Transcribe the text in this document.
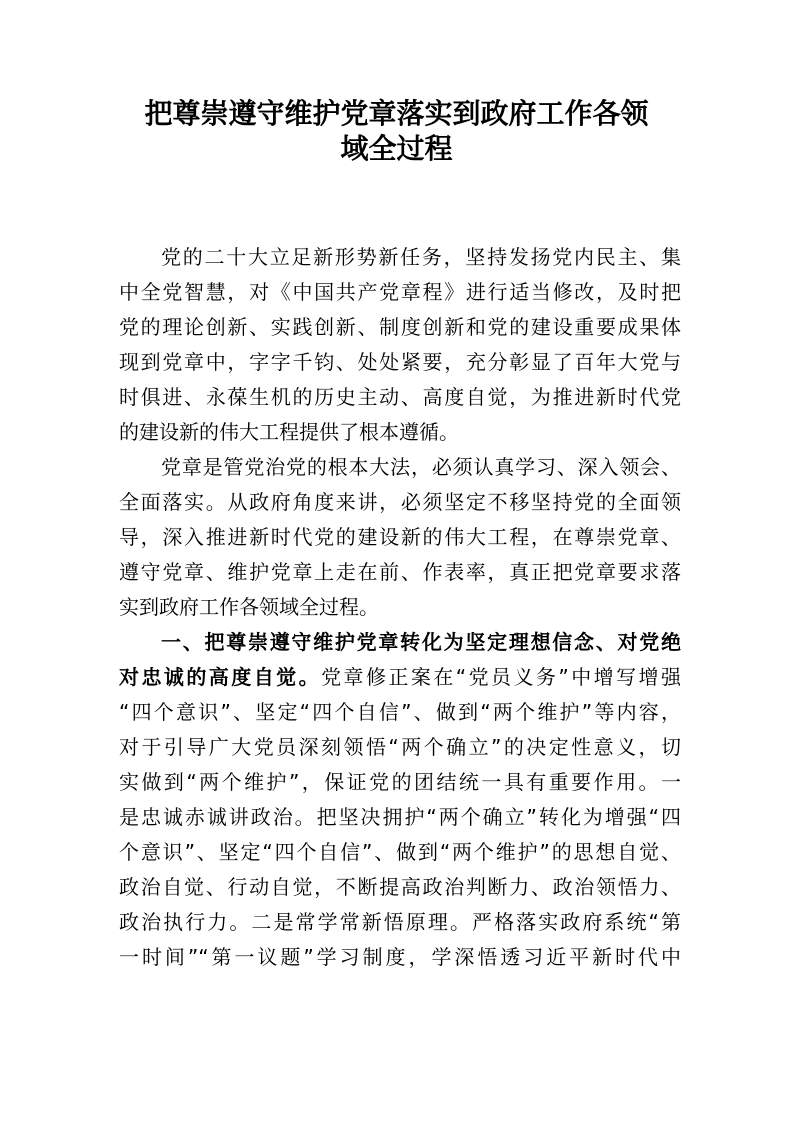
把尊崇遵守维护党章落实到政府工作各领
域全过程
党的二十大立足新形势新任务，坚持发扬党内民主、集
中全党智慧，对《中国共产党章程》进行适当修改，及时把
党的理论创新、实践创新、制度创新和党的建设重要成果体
现到党章中，字字千钧、处处紧要，充分彰显了百年大党与
时俱进、永葆生机的历史主动、高度自觉，为推进新时代党
的建设新的伟大工程提供了根本遵循。
党章是管党治党的根本大法，必须认真学习、深入领会、
全面落实。从政府角度来讲，必须坚定不移坚持党的全面领
导，深入推进新时代党的建设新的伟大工程，在尊崇党章、
遵守党章、维护党章上走在前、作表率，真正把党章要求落
实到政府工作各领域全过程。
一、把尊崇遵守维护党章转化为坚定理想信念、对党绝
对忠诚的高度自觉。党章修正案在“党员义务”中增写增强
“四个意识”、坚定“四个自信”、做到“两个维护”等内容，
对于引导广大党员深刻领悟“两个确立”的决定性意义，切
实做到“两个维护”，保证党的团结统一具有重要作用。一
是忠诚赤诚讲政治。把坚决拥护“两个确立”转化为增强“四
个意识”、坚定“四个自信”、做到“两个维护”的思想自觉、
政治自觉、行动自觉，不断提高政治判断力、政治领悟力、
政治执行力。二是常学常新悟原理。严格落实政府系统“第
一时间”“第一议题”学习制度，学深悟透习近平新时代中
